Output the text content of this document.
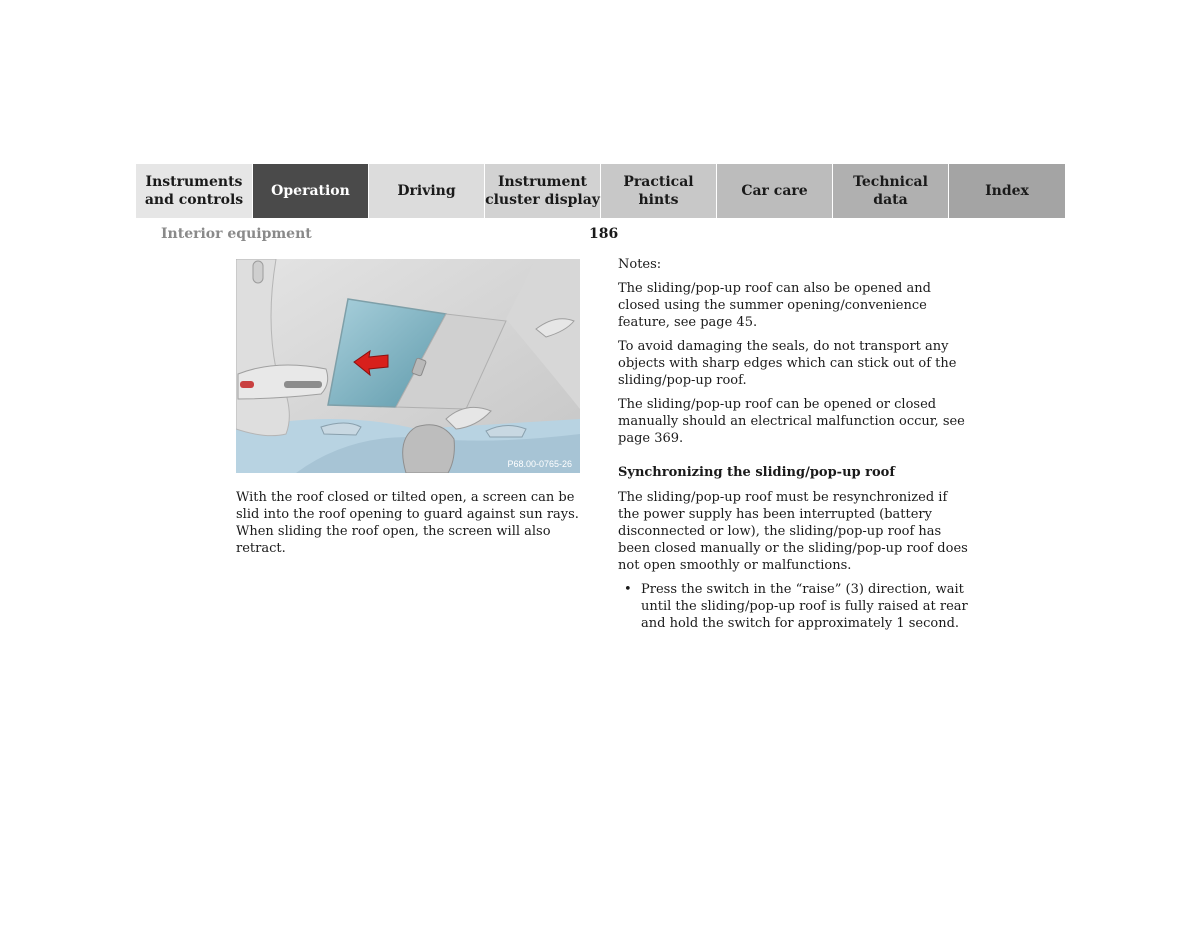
Instruments
and controls
Operation	Driving
Instrument
cluster display
Practical hints
Car care
Technical
data
Index
Interior equipment	186
P68.00-0765-26
With the roof closed or tilted open, a screen can be slid into the roof opening to guard against sun rays. When sliding the roof open, the screen will also retract.

Notes:

The sliding/pop-up roof can also be opened and closed using the summer opening/convenience feature, see page 45.

To avoid damaging the seals, do not transport any objects with sharp edges which can stick out of the sliding/pop-up roof.

The sliding/pop-up roof can be opened or closed manually should an electrical malfunction occur, see page 369.

Synchronizing the sliding/pop-up roof

The sliding/pop-up roof must be resynchronized if the power supply has been interrupted (battery disconnected or low), the sliding/pop-up roof has been closed manually or the sliding/pop-up roof does not open smoothly or malfunctions.

• Press the switch in the “raise” (3) direction, wait until the sliding/pop-up roof is fully raised at rear and hold the switch for approximately 1 second.
